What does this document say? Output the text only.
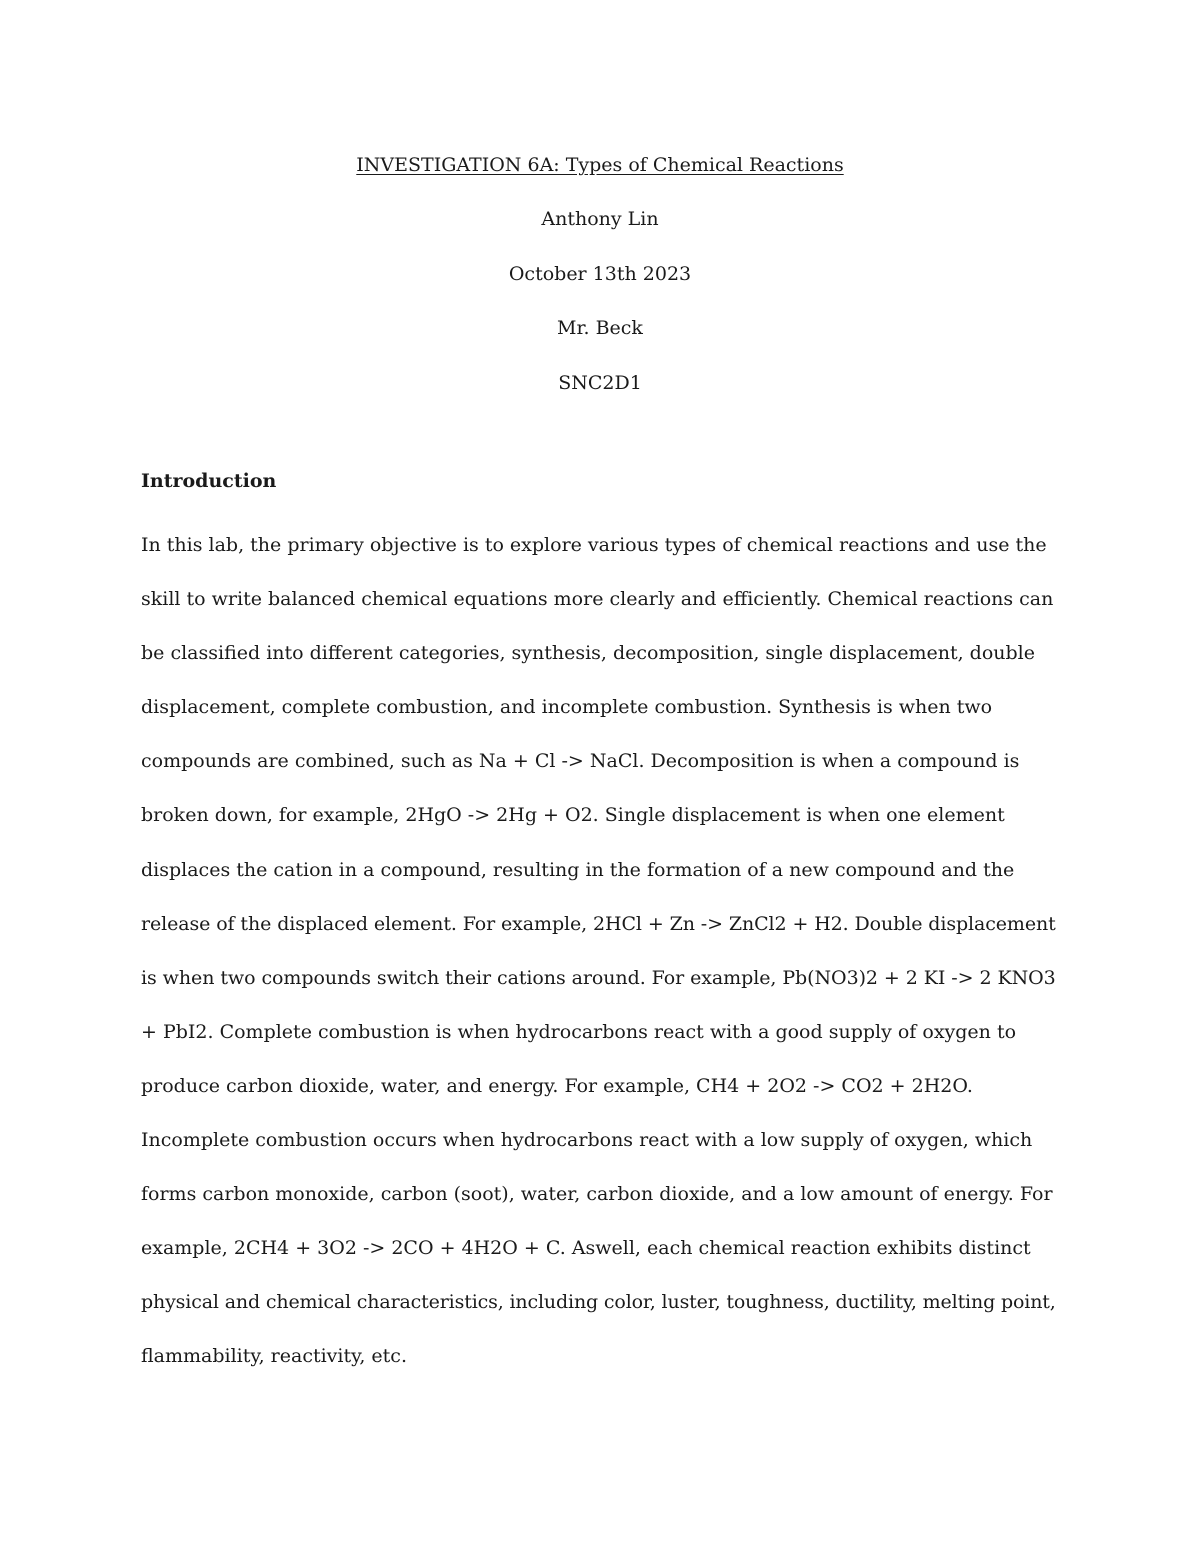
INVESTIGATION 6A: Types of Chemical Reactions
Anthony Lin
October 13th 2023
Mr. Beck
SNC2D1
Introduction
In this lab, the primary objective is to explore various types of chemical reactions and use the
skill to write balanced chemical equations more clearly and efficiently. Chemical reactions can
be classified into different categories, synthesis, decomposition, single displacement, double
displacement, complete combustion, and incomplete combustion. Synthesis is when two
compounds are combined, such as Na + Cl -> NaCl. Decomposition is when a compound is
broken down, for example, 2HgO -> 2Hg + O2. Single displacement is when one element
displaces the cation in a compound, resulting in the formation of a new compound and the
release of the displaced element. For example, 2HCl + Zn -> ZnCl2 + H2. Double displacement
is when two compounds switch their cations around. For example, Pb(NO3)2 + 2 KI -> 2 KNO3
+ PbI2. Complete combustion is when hydrocarbons react with a good supply of oxygen to
produce carbon dioxide, water, and energy. For example, CH4 + 2O2 -> CO2 + 2H2O.
Incomplete combustion occurs when hydrocarbons react with a low supply of oxygen, which
forms carbon monoxide, carbon (soot), water, carbon dioxide, and a low amount of energy. For
example, 2CH4 + 3O2 -> 2CO + 4H2O + C. Aswell, each chemical reaction exhibits distinct
physical and chemical characteristics, including color, luster, toughness, ductility, melting point,
flammability, reactivity, etc.
